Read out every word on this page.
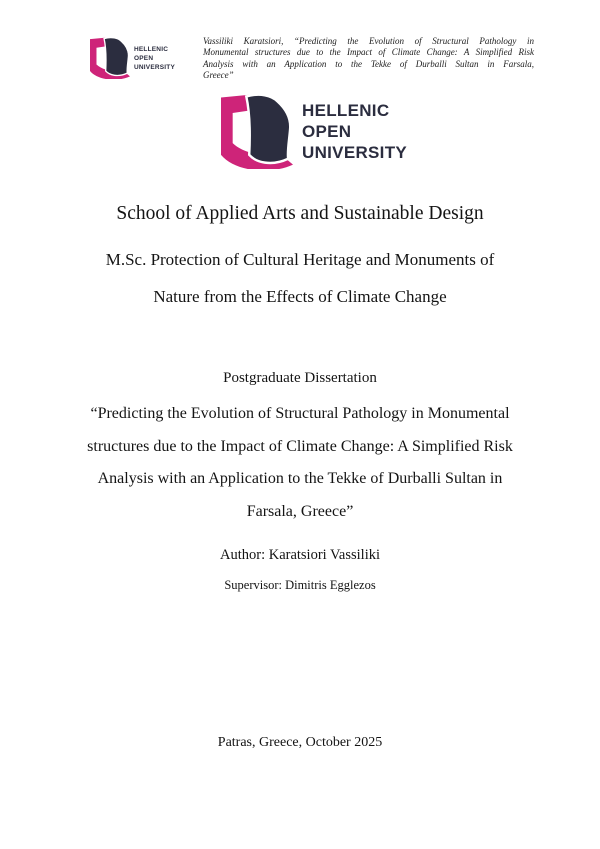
HELLENIC
OPEN
UNIVERSITY
Vassiliki Karatsiori, “Predicting the Evolution of Structural Pathology in
Monumental structures due to the Impact of Climate Change: A Simplified Risk
Analysis with an Application to the Tekke of Durballi Sultan in Farsala,
Greece”
HELLENIC
OPEN
UNIVERSITY
School of Applied Arts and Sustainable Design
M.Sc. Protection of Cultural Heritage and Monuments of
Nature from the Effects of Climate Change
Postgraduate Dissertation
“Predicting the Evolution of Structural Pathology in Monumental
structures due to the Impact of Climate Change: A Simplified Risk
Analysis with an Application to the Tekke of Durballi Sultan in
Farsala, Greece”
Author: Karatsiori Vassiliki
Supervisor: Dimitris Egglezos
Patras, Greece, October 2025
